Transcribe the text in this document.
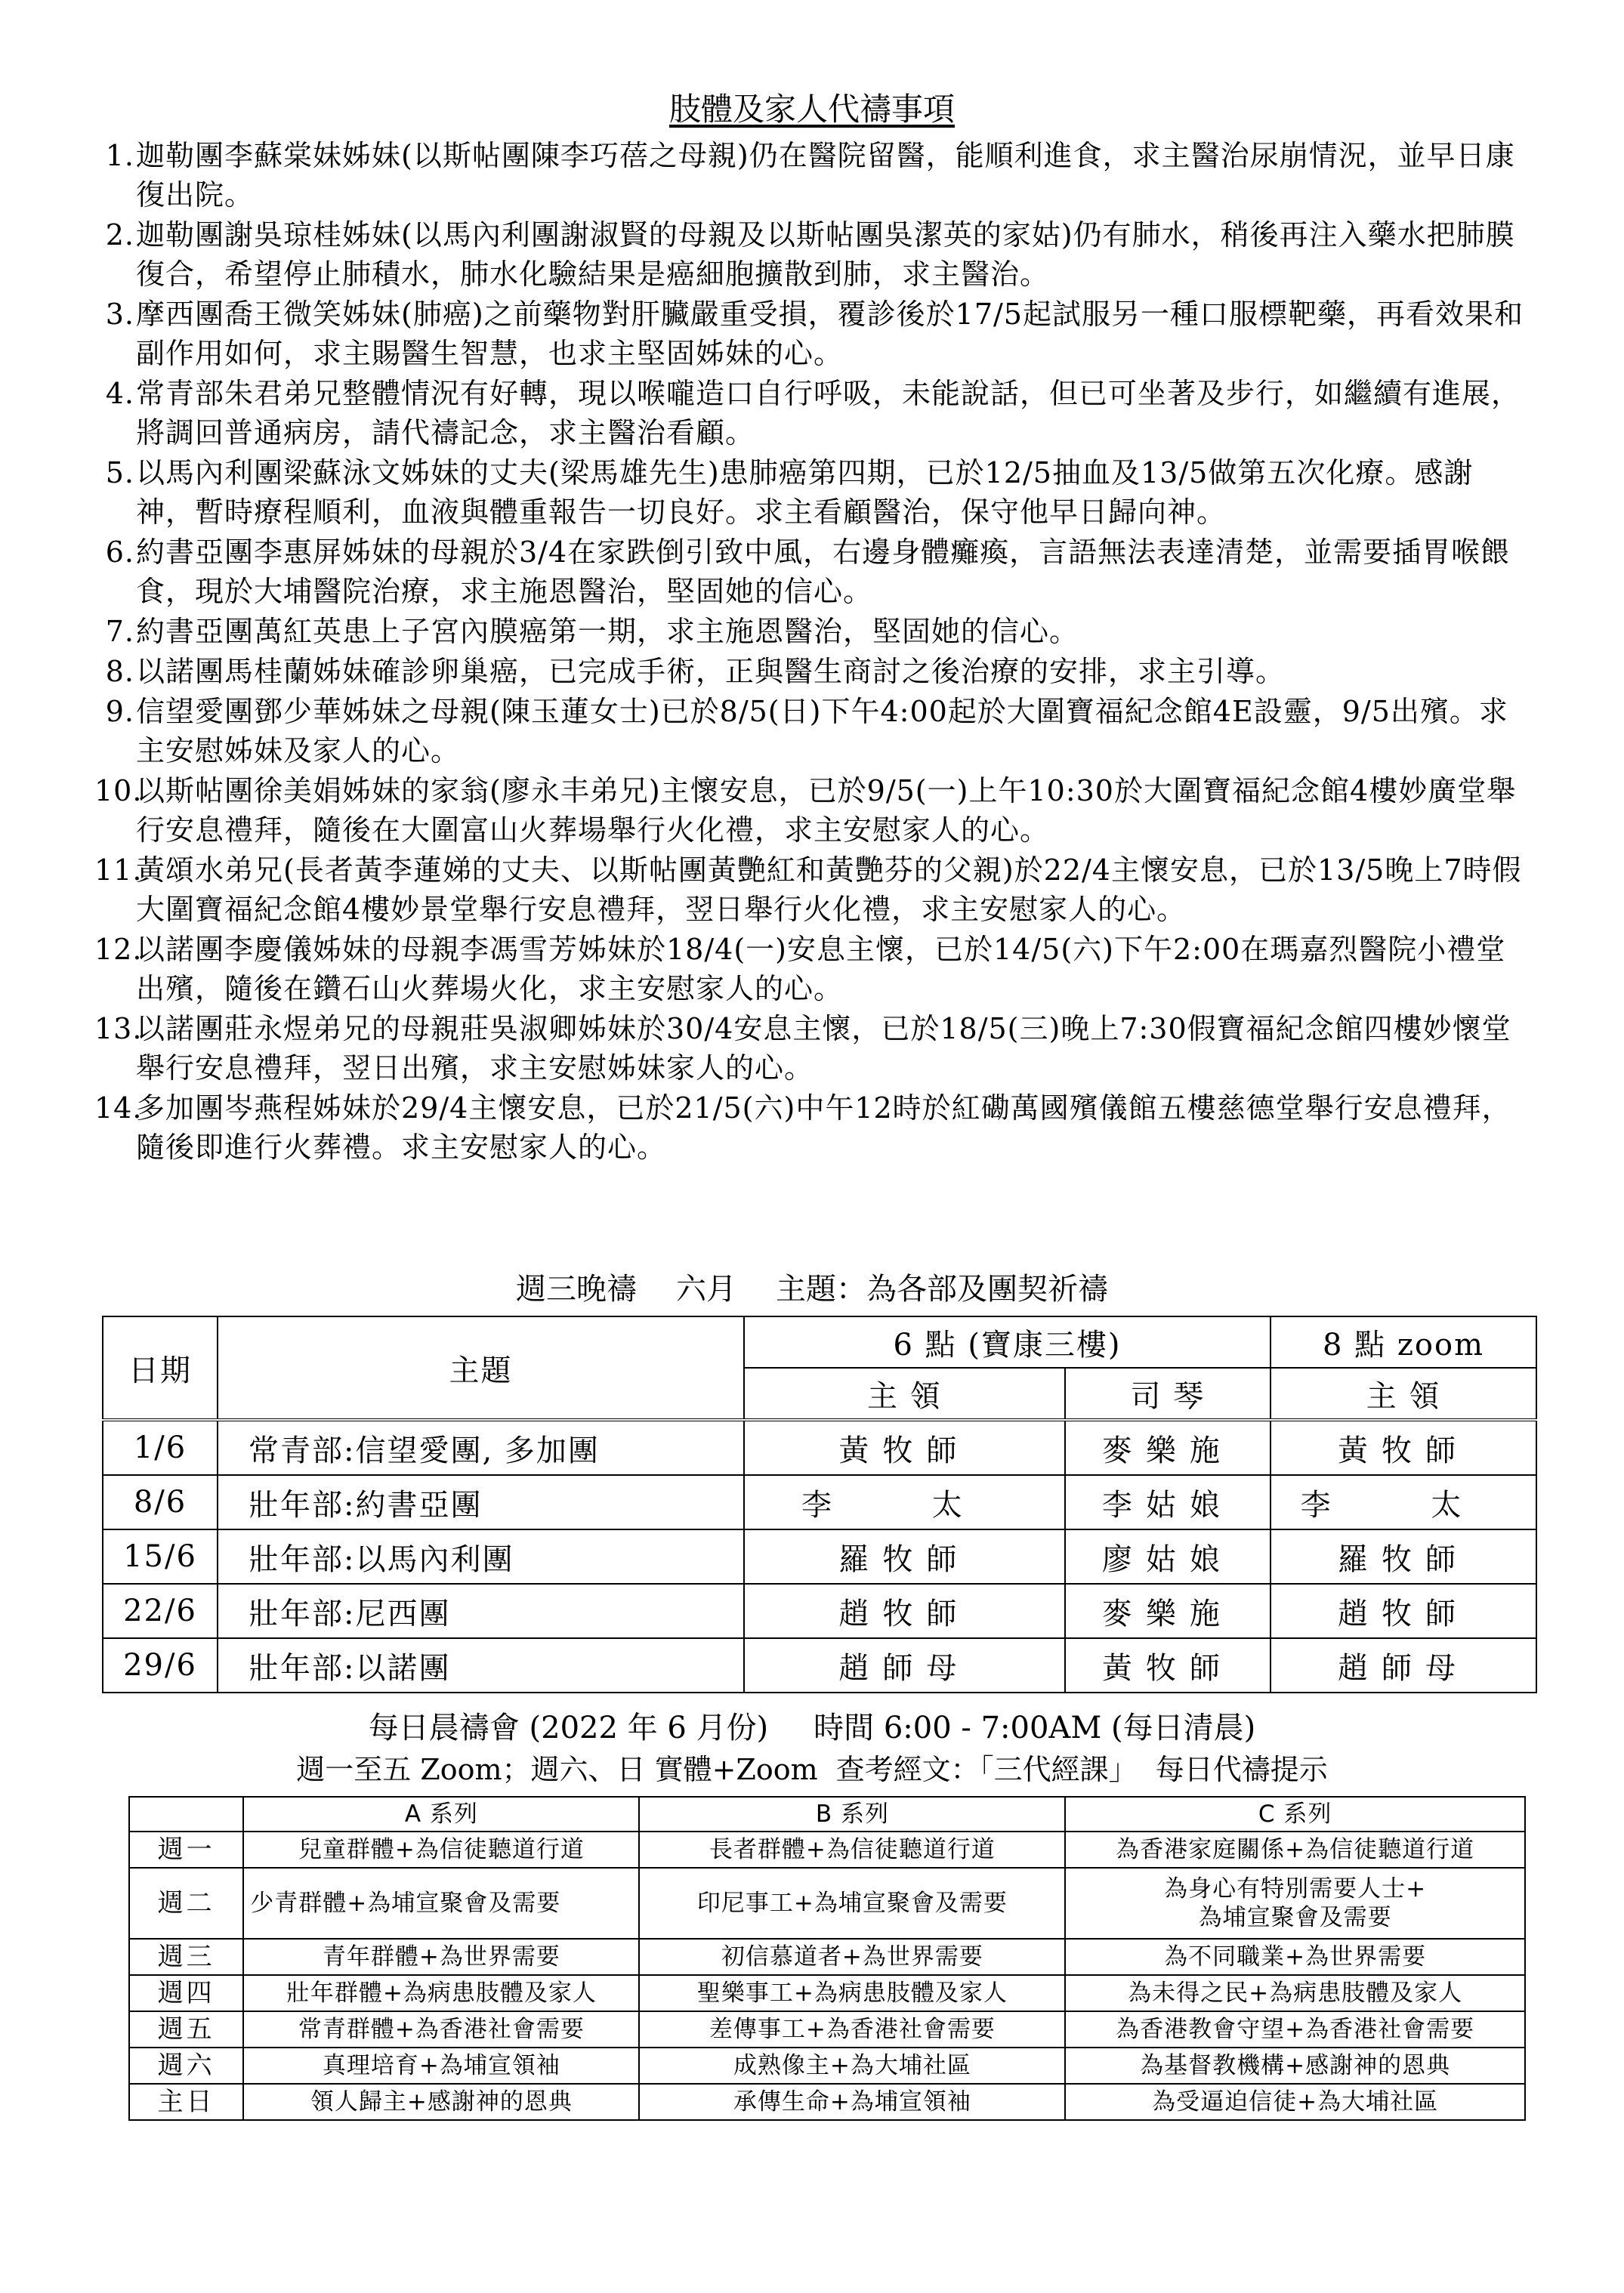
肢體及家人代禱事項
1. 迦勒團李蘇棠妹姊妹(以斯帖團陳李巧蓓之母親)仍在醫院留醫，能順利進食，求主醫治尿崩情況，並早日康復出院。
2. 迦勒團謝吳琼桂姊妹(以馬內利團謝淑賢的母親及以斯帖團吳潔英的家姑)仍有肺水，稍後再注入藥水把肺膜復合，希望停止肺積水，肺水化驗結果是癌細胞擴散到肺，求主醫治。
3. 摩西團喬王微笑姊妹(肺癌)之前藥物對肝臟嚴重受損，覆診後於17/5起試服另一種口服標靶藥，再看效果和副作用如何，求主賜醫生智慧，也求主堅固姊妹的心。
4. 常青部朱君弟兄整體情況有好轉，現以喉嚨造口自行呼吸，未能說話，但已可坐著及步行，如繼續有進展，將調回普通病房，請代禱記念，求主醫治看顧。
5. 以馬內利團梁蘇泳文姊妹的丈夫(梁馬雄先生)患肺癌第四期，已於12/5抽血及13/5做第五次化療。感謝神，暫時療程順利，血液與體重報告一切良好。求主看顧醫治，保守他早日歸向神。
6. 約書亞團李惠屏姊妹的母親於3/4在家跌倒引致中風，右邊身體癱瘓，言語無法表達清楚，並需要插胃喉餵食，現於大埔醫院治療，求主施恩醫治，堅固她的信心。
7. 約書亞團萬紅英患上子宮內膜癌第一期，求主施恩醫治，堅固她的信心。
8. 以諾團馬桂蘭姊妹確診卵巢癌，已完成手術，正與醫生商討之後治療的安排，求主引導。
9. 信望愛團鄧少華姊妹之母親(陳玉蓮女士)已於8/5(日)下午4:00起於大圍寶福紀念館4E設靈，9/5出殯。求主安慰姊妹及家人的心。
10.
以斯帖團徐美娟姊妹的家翁(廖永丰弟兄)主懷安息，已於9/5(一)上午10:30於大圍寶福紀念館4樓妙廣堂舉行安息禮拜，隨後在大圍富山火葬場舉行火化禮，求主安慰家人的心。
11.
黃頌水弟兄(長者黃李蓮娣的丈夫、以斯帖團黃艷紅和黃艷芬的父親)於22/4主懷安息，已於13/5晚上7時假大圍寶福紀念館4樓妙景堂舉行安息禮拜，翌日舉行火化禮，求主安慰家人的心。
12.
以諾團李慶儀姊妹的母親李馮雪芳姊妹於18/4(一)安息主懷，已於14/5(六)下午2:00在瑪嘉烈醫院小禮堂出殯，隨後在鑽石山火葬場火化，求主安慰家人的心。
13.
以諾團莊永煜弟兄的母親莊吳淑卿姊妹於30/4安息主懷，已於18/5(三)晚上7:30假寶福紀念館四樓妙懷堂舉行安息禮拜，翌日出殯，求主安慰姊妹家人的心。
14.
多加團岑燕程姊妹於29/4主懷安息，已於21/5(六)中午12時於紅磡萬國殯儀館五樓慈德堂舉行安息禮拜，隨後即進行火葬禮。求主安慰家人的心。
週三晚禱 六月 主題：為各部及團契祈禱
日期	主題	6 點 (寶康三樓)		8 點 zoom
		主 領	司 琴	主 領
1/6	常青部:信望愛團, 多加團	黃牧師	麥樂施	黃牧師
8/6	壯年部:約書亞團	李 太	李姑娘	李 太
15/6	壯年部:以馬內利團	羅牧師	廖姑娘	羅牧師
22/6	壯年部:尼西團	趙牧師	麥樂施	趙牧師
29/6	壯年部:以諾團	趙師母	黃牧師	趙師母
每日晨禱會 (2022 年 6 月份) 時間 6:00 - 7:00AM (每日清晨)
週一至五 Zoom；週六、日 實體+Zoom 查考經文：「三代經課」 每日代禱提示
	A 系列	B 系列	C 系列
週一	兒童群體+為信徒聽道行道	長者群體+為信徒聽道行道	為香港家庭關係+為信徒聽道行道
週二	少青群體+為埔宣聚會及需要	印尼事工+為埔宣聚會及需要	為身心有特別需要人士+
為埔宣聚會及需要

週三	青年群體+為世界需要	初信慕道者+為世界需要	為不同職業+為世界需要
週四	壯年群體+為病患肢體及家人	聖樂事工+為病患肢體及家人	為未得之民+為病患肢體及家人
週五	常青群體+為香港社會需要	差傳事工+為香港社會需要	為香港教會守望+為香港社會需要
週六	真理培育+為埔宣領袖	成熟像主+為大埔社區	為基督教機構+感謝神的恩典
主日	領人歸主+感謝神的恩典	承傳生命+為埔宣領袖	為受逼迫信徒+為大埔社區
